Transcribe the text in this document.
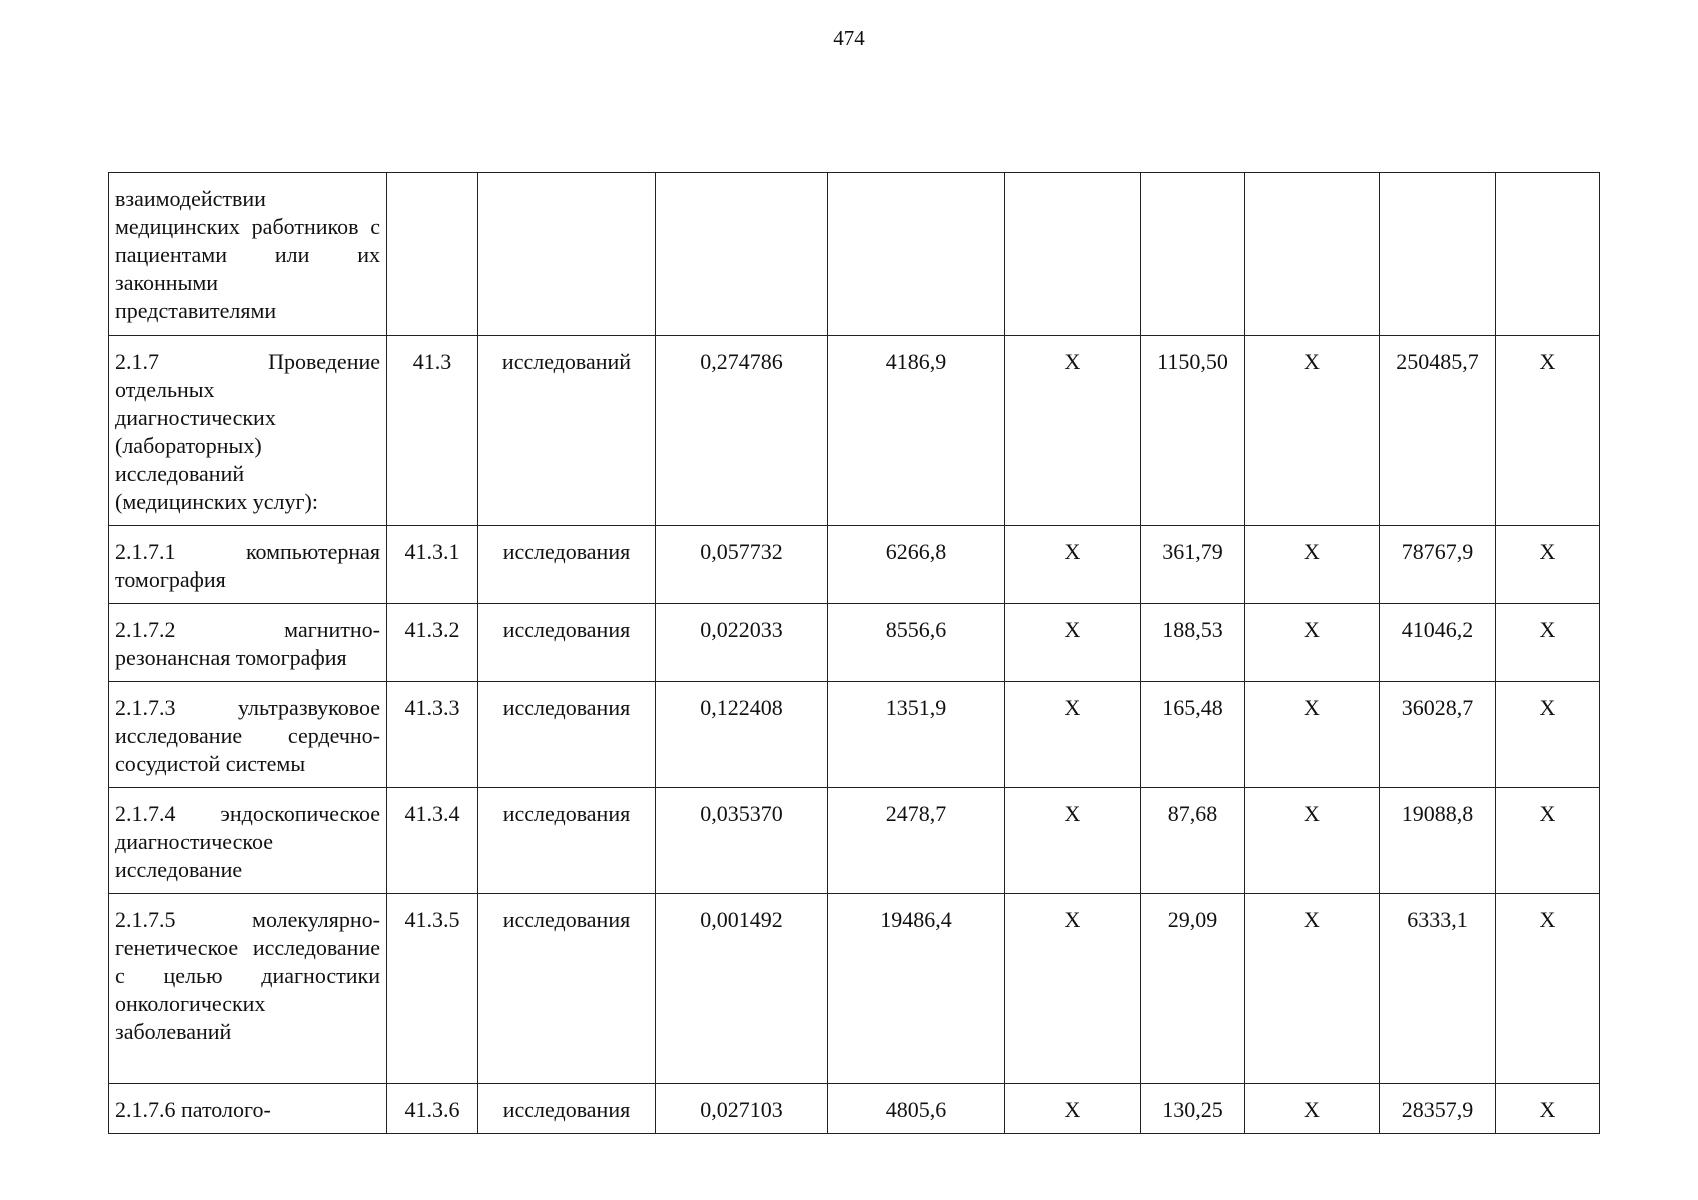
474
взаимодействии медицинских работников с пациентами или их законными представителями									
2.1.7 Проведение отдельных диагностических (лабораторных) исследований (медицинских услуг):	41.3	исследований	0,274786	4186,9	X	1150,50	X	250485,7	X
2.1.7.1 компьютерная томография	41.3.1	исследования	0,057732	6266,8	X	361,79	X	78767,9	X
2.1.7.2 магнитно-резонансная томография	41.3.2	исследования	0,022033	8556,6	X	188,53	X	41046,2	X
2.1.7.3 ультразвуковое исследование сердечно-сосудистой системы	41.3.3	исследования	0,122408	1351,9	X	165,48	X	36028,7	X
2.1.7.4 эндоскопическое диагностическое исследование	41.3.4	исследования	0,035370	2478,7	X	87,68	X	19088,8	X
2.1.7.5 молекулярно-генетическое исследование с целью диагностики онкологических заболеваний	41.3.5	исследования	0,001492	19486,4	X	29,09	X	6333,1	X
2.1.7.6 патолого-	41.3.6	исследования	0,027103	4805,6	X	130,25	X	28357,9	X
